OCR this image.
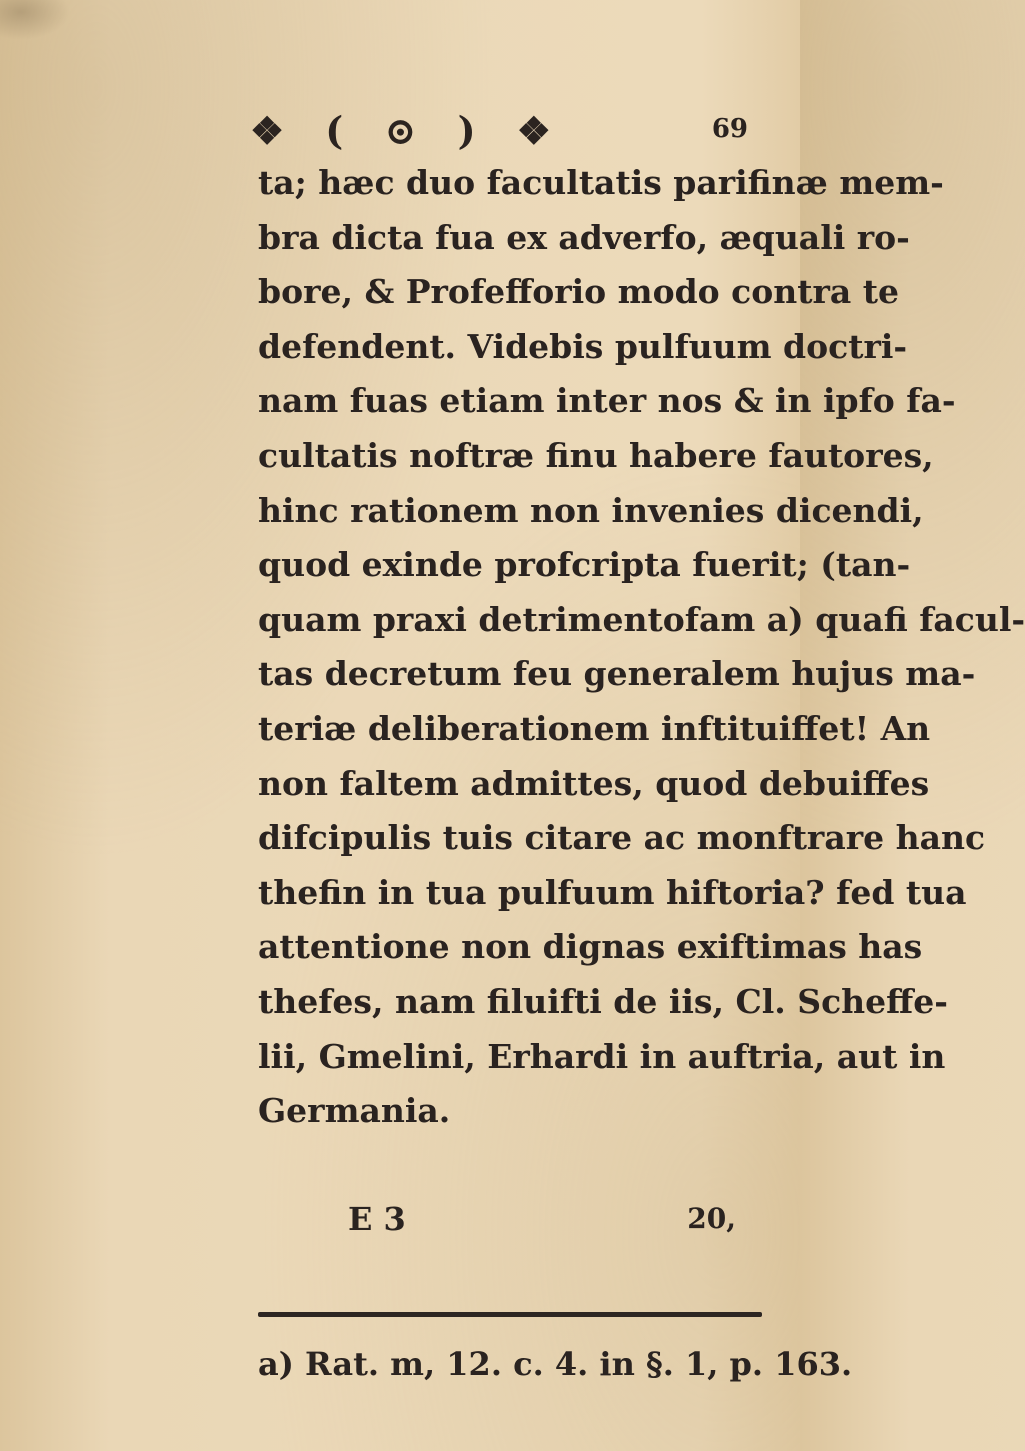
❖ ( ⊙ ) ❖	69
ta; hæc duo facultatis parifinæ mem-
bra dicta fua ex adverfo, æquali ro-
bore, & Profefforio modo contra te
defendent. Videbis pulfuum doctri-
nam fuas etiam inter nos & in ipfo fa-
cultatis noftræ finu habere fautores,
hinc rationem non invenies dicendi,
quod exinde profcripta fuerit; (tan-
quam praxi detrimentofam a) quafi facul-
tas decretum feu generalem hujus ma-
teriæ deliberationem inftituiffet! An
non faltem admittes, quod debuiffes
difcipulis tuis citare ac monftrare hanc
thefin in tua pulfuum hiftoria? fed tua
attentione non dignas exiftimas has
thefes, nam filuifti de iis, Cl. Scheffe-
lii, Gmelini, Erhardi in auftria, aut in
Germania.
E 3	20,
a) Rat. m, 12. c. 4. in §. 1, p. 163.
